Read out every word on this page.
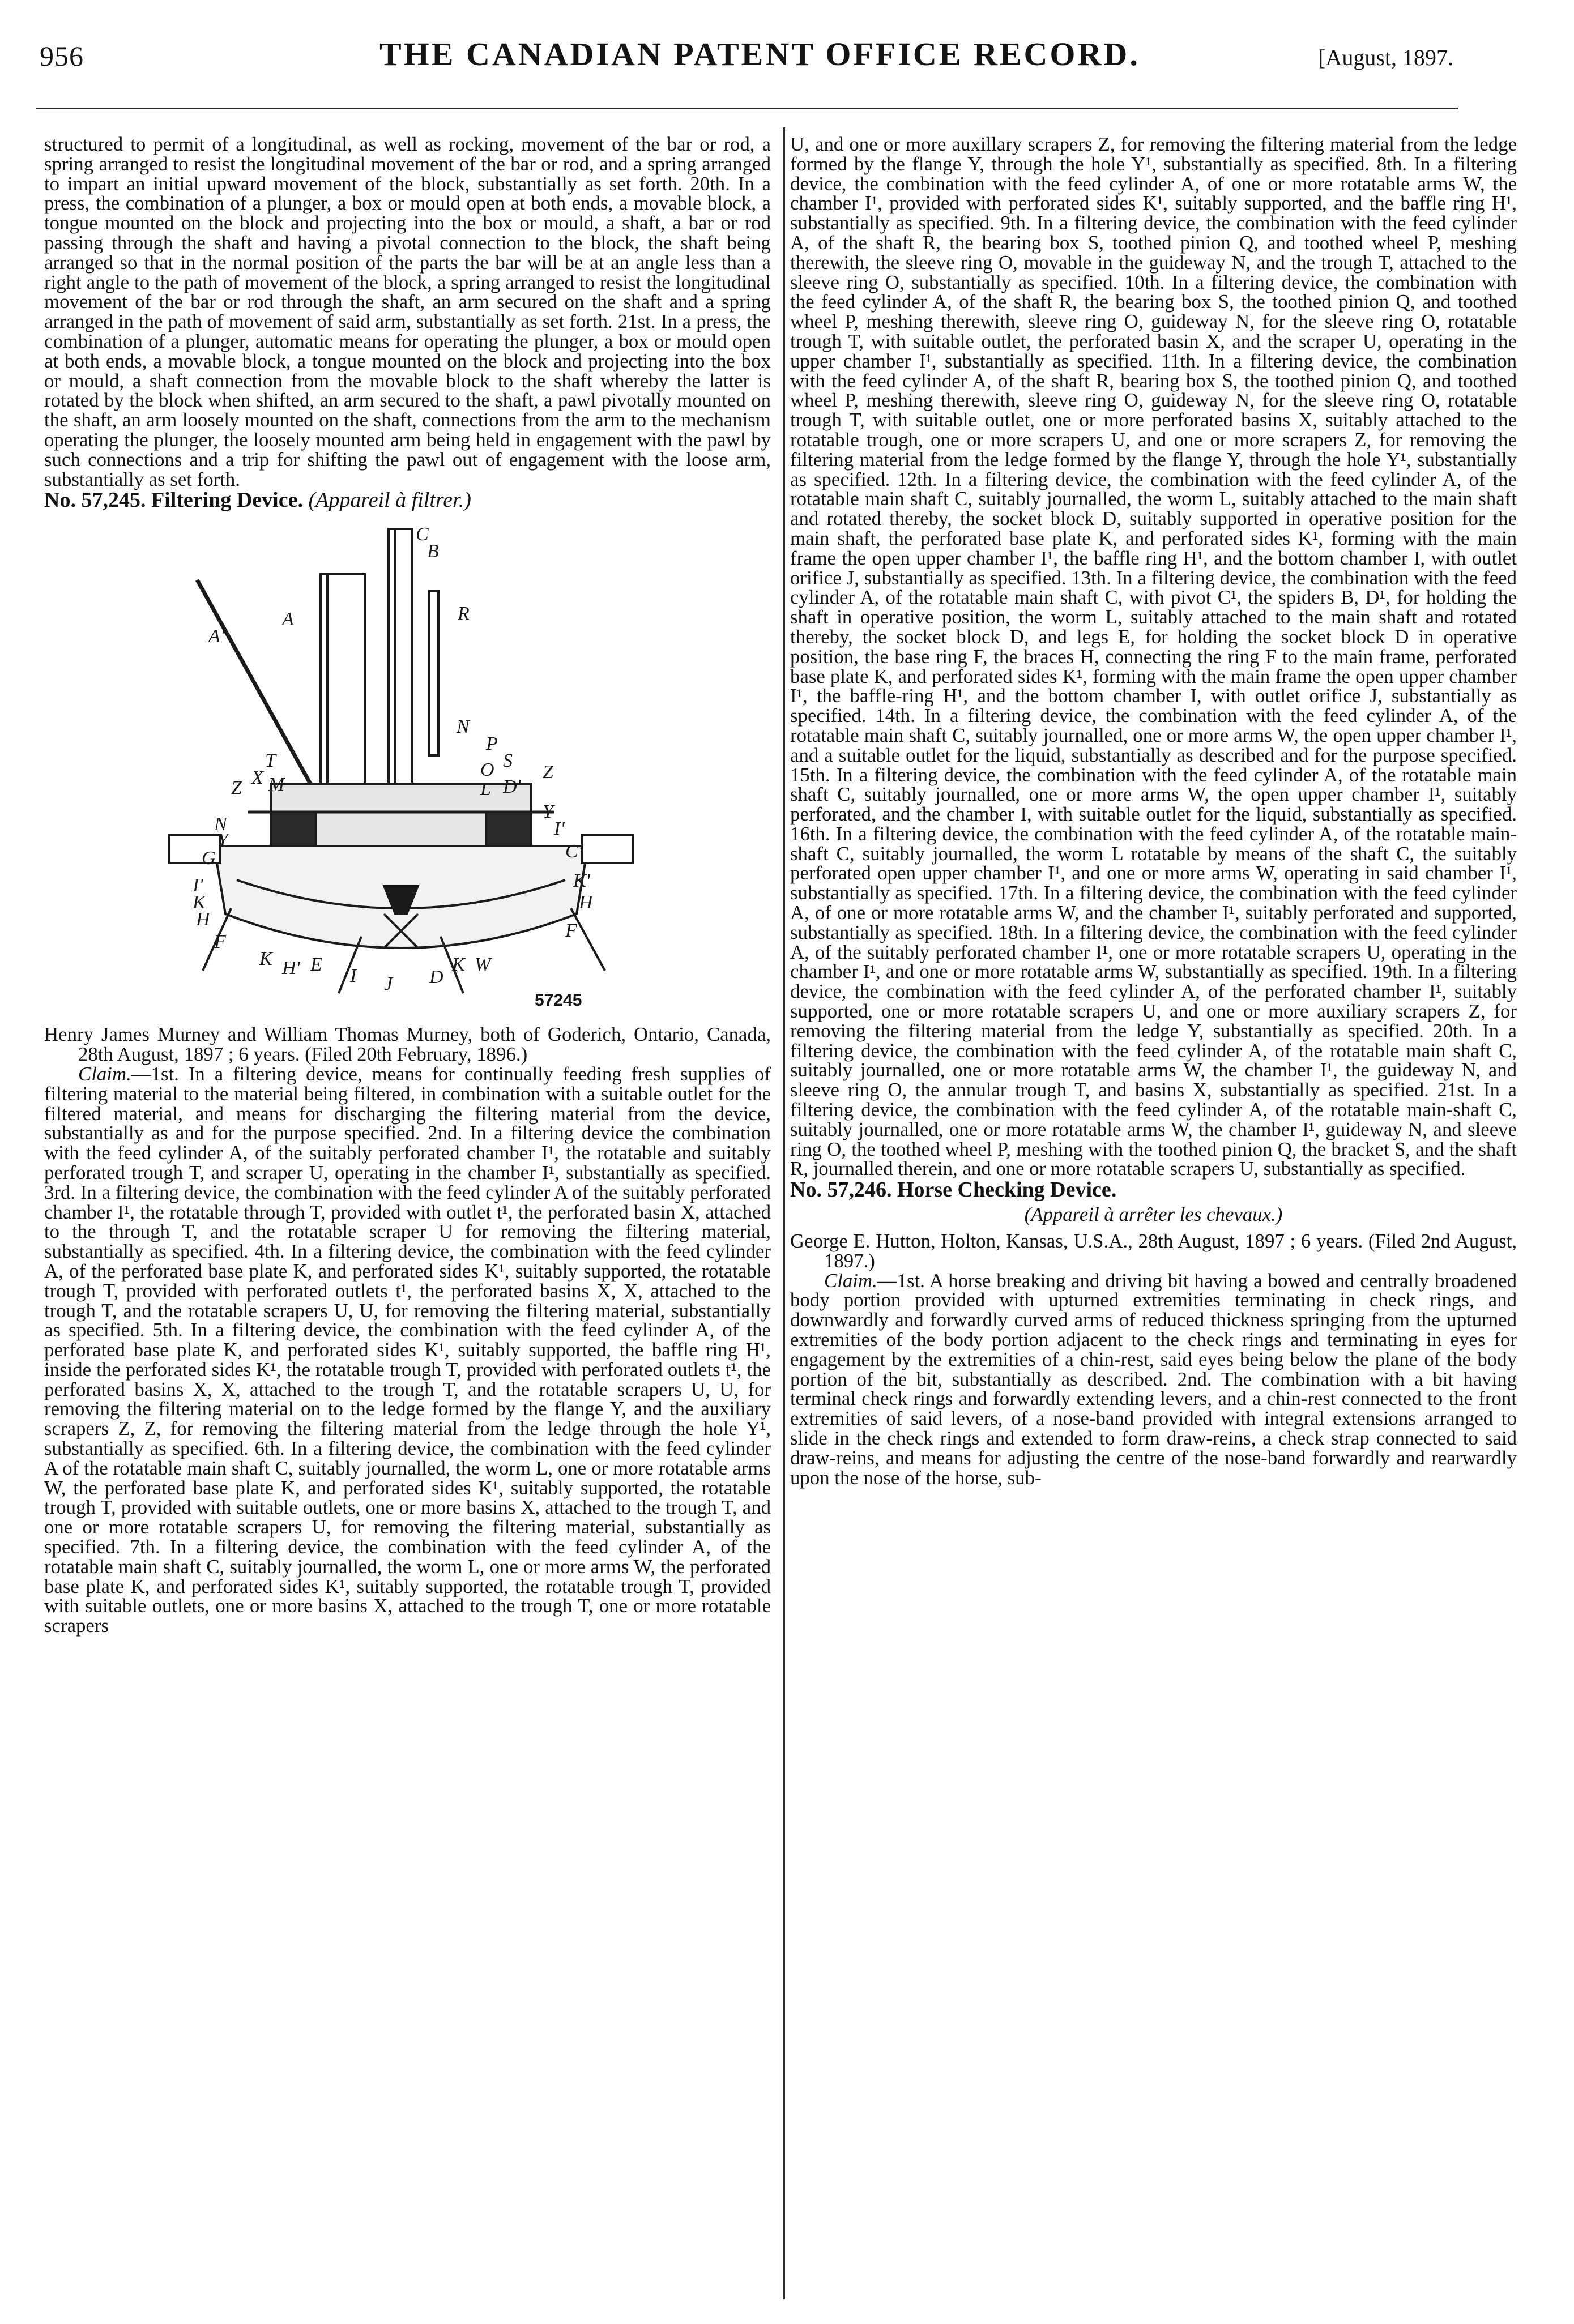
956	THE CANADIAN PATENT OFFICE RECORD.	[August, 1897.

structured to permit of a longitudinal, as well as rocking, movement of the bar or rod, a spring arranged to resist the longitudinal movement of the bar or rod, and a spring arranged to impart an initial upward movement of the block, substantially as set forth. 20th. In a press, the combination of a plunger, a box or mould open at both ends, a movable block, a tongue mounted on the block and projecting into the box or mould, a shaft, a bar or rod passing through the shaft and having a pivotal connection to the block, the shaft being arranged so that in the normal position of the parts the bar will be at an angle less than a right angle to the path of movement of the block, a spring arranged to resist the longitudinal movement of the bar or rod through the shaft, an arm secured on the shaft and a spring arranged in the path of movement of said arm, substantially as set forth. 21st. In a press, the combination of a plunger, automatic means for operating the plunger, a box or mould open at both ends, a movable block, a tongue mounted on the block and projecting into the box or mould, a shaft connection from the movable block to the shaft whereby the latter is rotated by the block when shifted, an arm secured to the shaft, a pawl pivotally mounted on the shaft, an arm loosely mounted on the shaft, connections from the arm to the mechanism operating the plunger, the loosely mounted arm being held in engagement with the pawl by such connections and a trip for shifting the pawl out of engagement with the loose arm, substantially as set forth.

No. 57,245. Filtering Device. (Appareil à filtrer.)

C
B
A
A'
R
N
P
S
T	O
X M
Z	L D'
Z
N
Y
Y
I'
G	C'
I'
K
H
K'
H
F
F
K H' E
I J D
K W
57245

Henry James Murney and William Thomas Murney, both of Goderich, Ontario, Canada, 28th August, 1897 ; 6 years. (Filed 20th February, 1896.)

Claim.—1st. In a filtering device, means for continually feeding fresh supplies of filtering material to the material being filtered, in combination with a suitable outlet for the filtered material, and means for discharging the filtering material from the device, substantially as and for the purpose specified. 2nd. In a filtering device the combination with the feed cylinder A, of the suitably perforated chamber I¹, the rotatable and suitably perforated trough T, and scraper U, operating in the chamber I¹, substantially as specified. 3rd. In a filtering device, the combination with the feed cylinder A of the suitably perforated chamber I¹, the rotatable through T, provided with outlet t¹, the perforated basin X, attached to the through T, and the rotatable scraper U for removing the filtering material, substantially as specified. 4th. In a filtering device, the combination with the feed cylinder A, of the perforated base plate K, and perforated sides K¹, suitably supported, the rotatable trough T, provided with perforated outlets t¹, the perforated basins X, X, attached to the trough T, and the rotatable scrapers U, U, for removing the filtering material, substantially as specified. 5th. In a filtering device, the combination with the feed cylinder A, of the perforated base plate K, and perforated sides K¹, suitably supported, the baffle ring H¹, inside the perforated sides K¹, the rotatable trough T, provided with perforated outlets t¹, the perforated basins X, X, attached to the trough T, and the rotatable scrapers U, U, for removing the filtering material on to the ledge formed by the flange Y, and the auxiliary scrapers Z, Z, for removing the filtering material from the ledge through the hole Y¹, substantially as specified. 6th. In a filtering device, the combination with the feed cylinder A of the rotatable main shaft C, suitably journalled, the worm L, one or more rotatable arms W, the perforated base plate K, and perforated sides K¹, suitably supported, the rotatable trough T, provided with suitable outlets, one or more basins X, attached to the trough T, and one or more rotatable scrapers U, for removing the filtering material, substantially as specified. 7th. In a filtering device, the combination with the feed cylinder A, of the rotatable main shaft C, suitably journalled, the worm L, one or more arms W, the perforated base plate K, and perforated sides K¹, suitably supported, the rotatable trough T, provided with suitable outlets, one or more basins X, attached to the trough T, one or more rotatable scrapers

U, and one or more auxillary scrapers Z, for removing the filtering material from the ledge formed by the flange Y, through the hole Y¹, substantially as specified. 8th. In a filtering device, the combination with the feed cylinder A, of one or more rotatable arms W, the chamber I¹, provided with perforated sides K¹, suitably supported, and the baffle ring H¹, substantially as specified. 9th. In a filtering device, the combination with the feed cylinder A, of the shaft R, the bearing box S, toothed pinion Q, and toothed wheel P, meshing therewith, the sleeve ring O, movable in the guideway N, and the trough T, attached to the sleeve ring O, substantially as specified. 10th. In a filtering device, the combination with the feed cylinder A, of the shaft R, the bearing box S, the toothed pinion Q, and toothed wheel P, meshing therewith, sleeve ring O, guideway N, for the sleeve ring O, rotatable trough T, with suitable outlet, the perforated basin X, and the scraper U, operating in the upper chamber I¹, substantially as specified. 11th. In a filtering device, the combination with the feed cylinder A, of the shaft R, bearing box S, the toothed pinion Q, and toothed wheel P, meshing therewith, sleeve ring O, guideway N, for the sleeve ring O, rotatable trough T, with suitable outlet, one or more perforated basins X, suitably attached to the rotatable trough, one or more scrapers U, and one or more scrapers Z, for removing the filtering material from the ledge formed by the flange Y, through the hole Y¹, substantially as specified. 12th. In a filtering device, the combination with the feed cylinder A, of the rotatable main shaft C, suitably journalled, the worm L, suitably attached to the main shaft and rotated thereby, the socket block D, suitably supported in operative position for the main shaft, the perforated base plate K, and perforated sides K¹, forming with the main frame the open upper chamber I¹, the baffle ring H¹, and the bottom chamber I, with outlet orifice J, substantially as specified. 13th. In a filtering device, the combination with the feed cylinder A, of the rotatable main shaft C, with pivot C¹, the spiders B, D¹, for holding the shaft in operative position, the worm L, suitably attached to the main shaft and rotated thereby, the socket block D, and legs E, for holding the socket block D in operative position, the base ring F, the braces H, connecting the ring F to the main frame, perforated base plate K, and perforated sides K¹, forming with the main frame the open upper chamber I¹, the baffle-ring H¹, and the bottom chamber I, with outlet orifice J, substantially as specified. 14th. In a filtering device, the combination with the feed cylinder A, of the rotatable main shaft C, suitably journalled, one or more arms W, the open upper chamber I¹, and a suitable outlet for the liquid, substantially as described and for the purpose specified. 15th. In a filtering device, the combination with the feed cylinder A, of the rotatable main shaft C, suitably journalled, one or more arms W, the open upper chamber I¹, suitably perforated, and the chamber I, with suitable outlet for the liquid, substantially as specified. 16th. In a filtering device, the combination with the feed cylinder A, of the rotatable main-shaft C, suitably journalled, the worm L rotatable by means of the shaft C, the suitably perforated open upper chamber I¹, and one or more arms W, operating in said chamber I¹, substantially as specified. 17th. In a filtering device, the combination with the feed cylinder A, of one or more rotatable arms W, and the chamber I¹, suitably perforated and supported, substantially as specified. 18th. In a filtering device, the combination with the feed cylinder A, of the suitably perforated chamber I¹, one or more rotatable scrapers U, operating in the chamber I¹, and one or more rotatable arms W, substantially as specified. 19th. In a filtering device, the combination with the feed cylinder A, of the perforated chamber I¹, suitably supported, one or more rotatable scrapers U, and one or more auxiliary scrapers Z, for removing the filtering material from the ledge Y, substantially as specified. 20th. In a filtering device, the combination with the feed cylinder A, of the rotatable main shaft C, suitably journalled, one or more rotatable arms W, the chamber I¹, the guideway N, and sleeve ring O, the annular trough T, and basins X, substantially as specified. 21st. In a filtering device, the combination with the feed cylinder A, of the rotatable main-shaft C, suitably journalled, one or more rotatable arms W, the chamber I¹, guideway N, and sleeve ring O, the toothed wheel P, meshing with the toothed pinion Q, the bracket S, and the shaft R, journalled therein, and one or more rotatable scrapers U, substantially as specified.

No. 57,246. Horse Checking Device.

(Appareil à arrêter les chevaux.)

George E. Hutton, Holton, Kansas, U.S.A., 28th August, 1897 ; 6 years. (Filed 2nd August, 1897.)

Claim.—1st. A horse breaking and driving bit having a bowed and centrally broadened body portion provided with upturned extremities terminating in check rings, and downwardly and forwardly curved arms of reduced thickness springing from the upturned extremities of the body portion adjacent to the check rings and terminating in eyes for engagement by the extremities of a chin-rest, said eyes being below the plane of the body portion of the bit, substantially as described. 2nd. The combination with a bit having terminal check rings and forwardly extending levers, and a chin-rest connected to the front extremities of said levers, of a nose-band provided with integral extensions arranged to slide in the check rings and extended to form draw-reins, a check strap connected to said draw-reins, and means for adjusting the centre of the nose-band forwardly and rearwardly upon the nose of the horse, sub-
